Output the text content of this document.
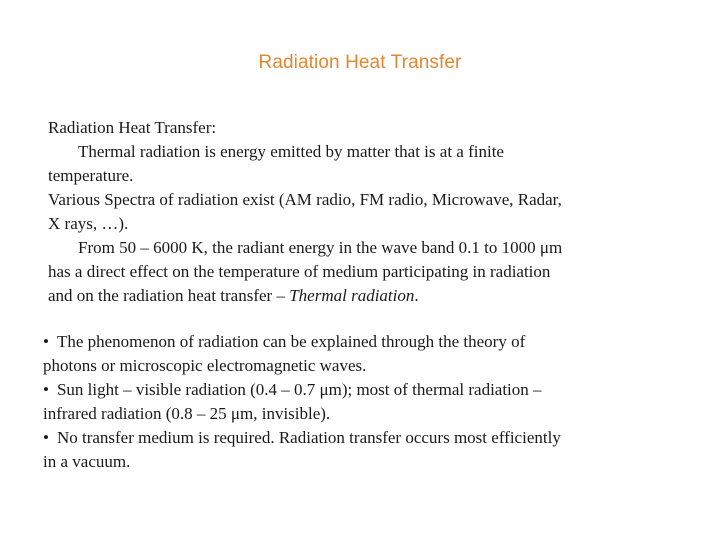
Radiation Heat Transfer

Radiation Heat Transfer:

Thermal radiation is energy emitted by matter that is at a finite

temperature.

Various Spectra of radiation exist (AM radio, FM radio, Microwave, Radar,

X rays, …).

From 50 – 6000 K, the radiant energy in the wave band 0.1 to 1000 μm

has a direct effect on the temperature of medium participating in radiation

and on the radiation heat transfer – Thermal radiation.

• The phenomenon of radiation can be explained through the theory of

photons or microscopic electromagnetic waves.

• Sun light – visible radiation (0.4 – 0.7 μm); most of thermal radiation –

infrared radiation (0.8 – 25 μm, invisible).

• No transfer medium is required. Radiation transfer occurs most efficiently

in a vacuum.
